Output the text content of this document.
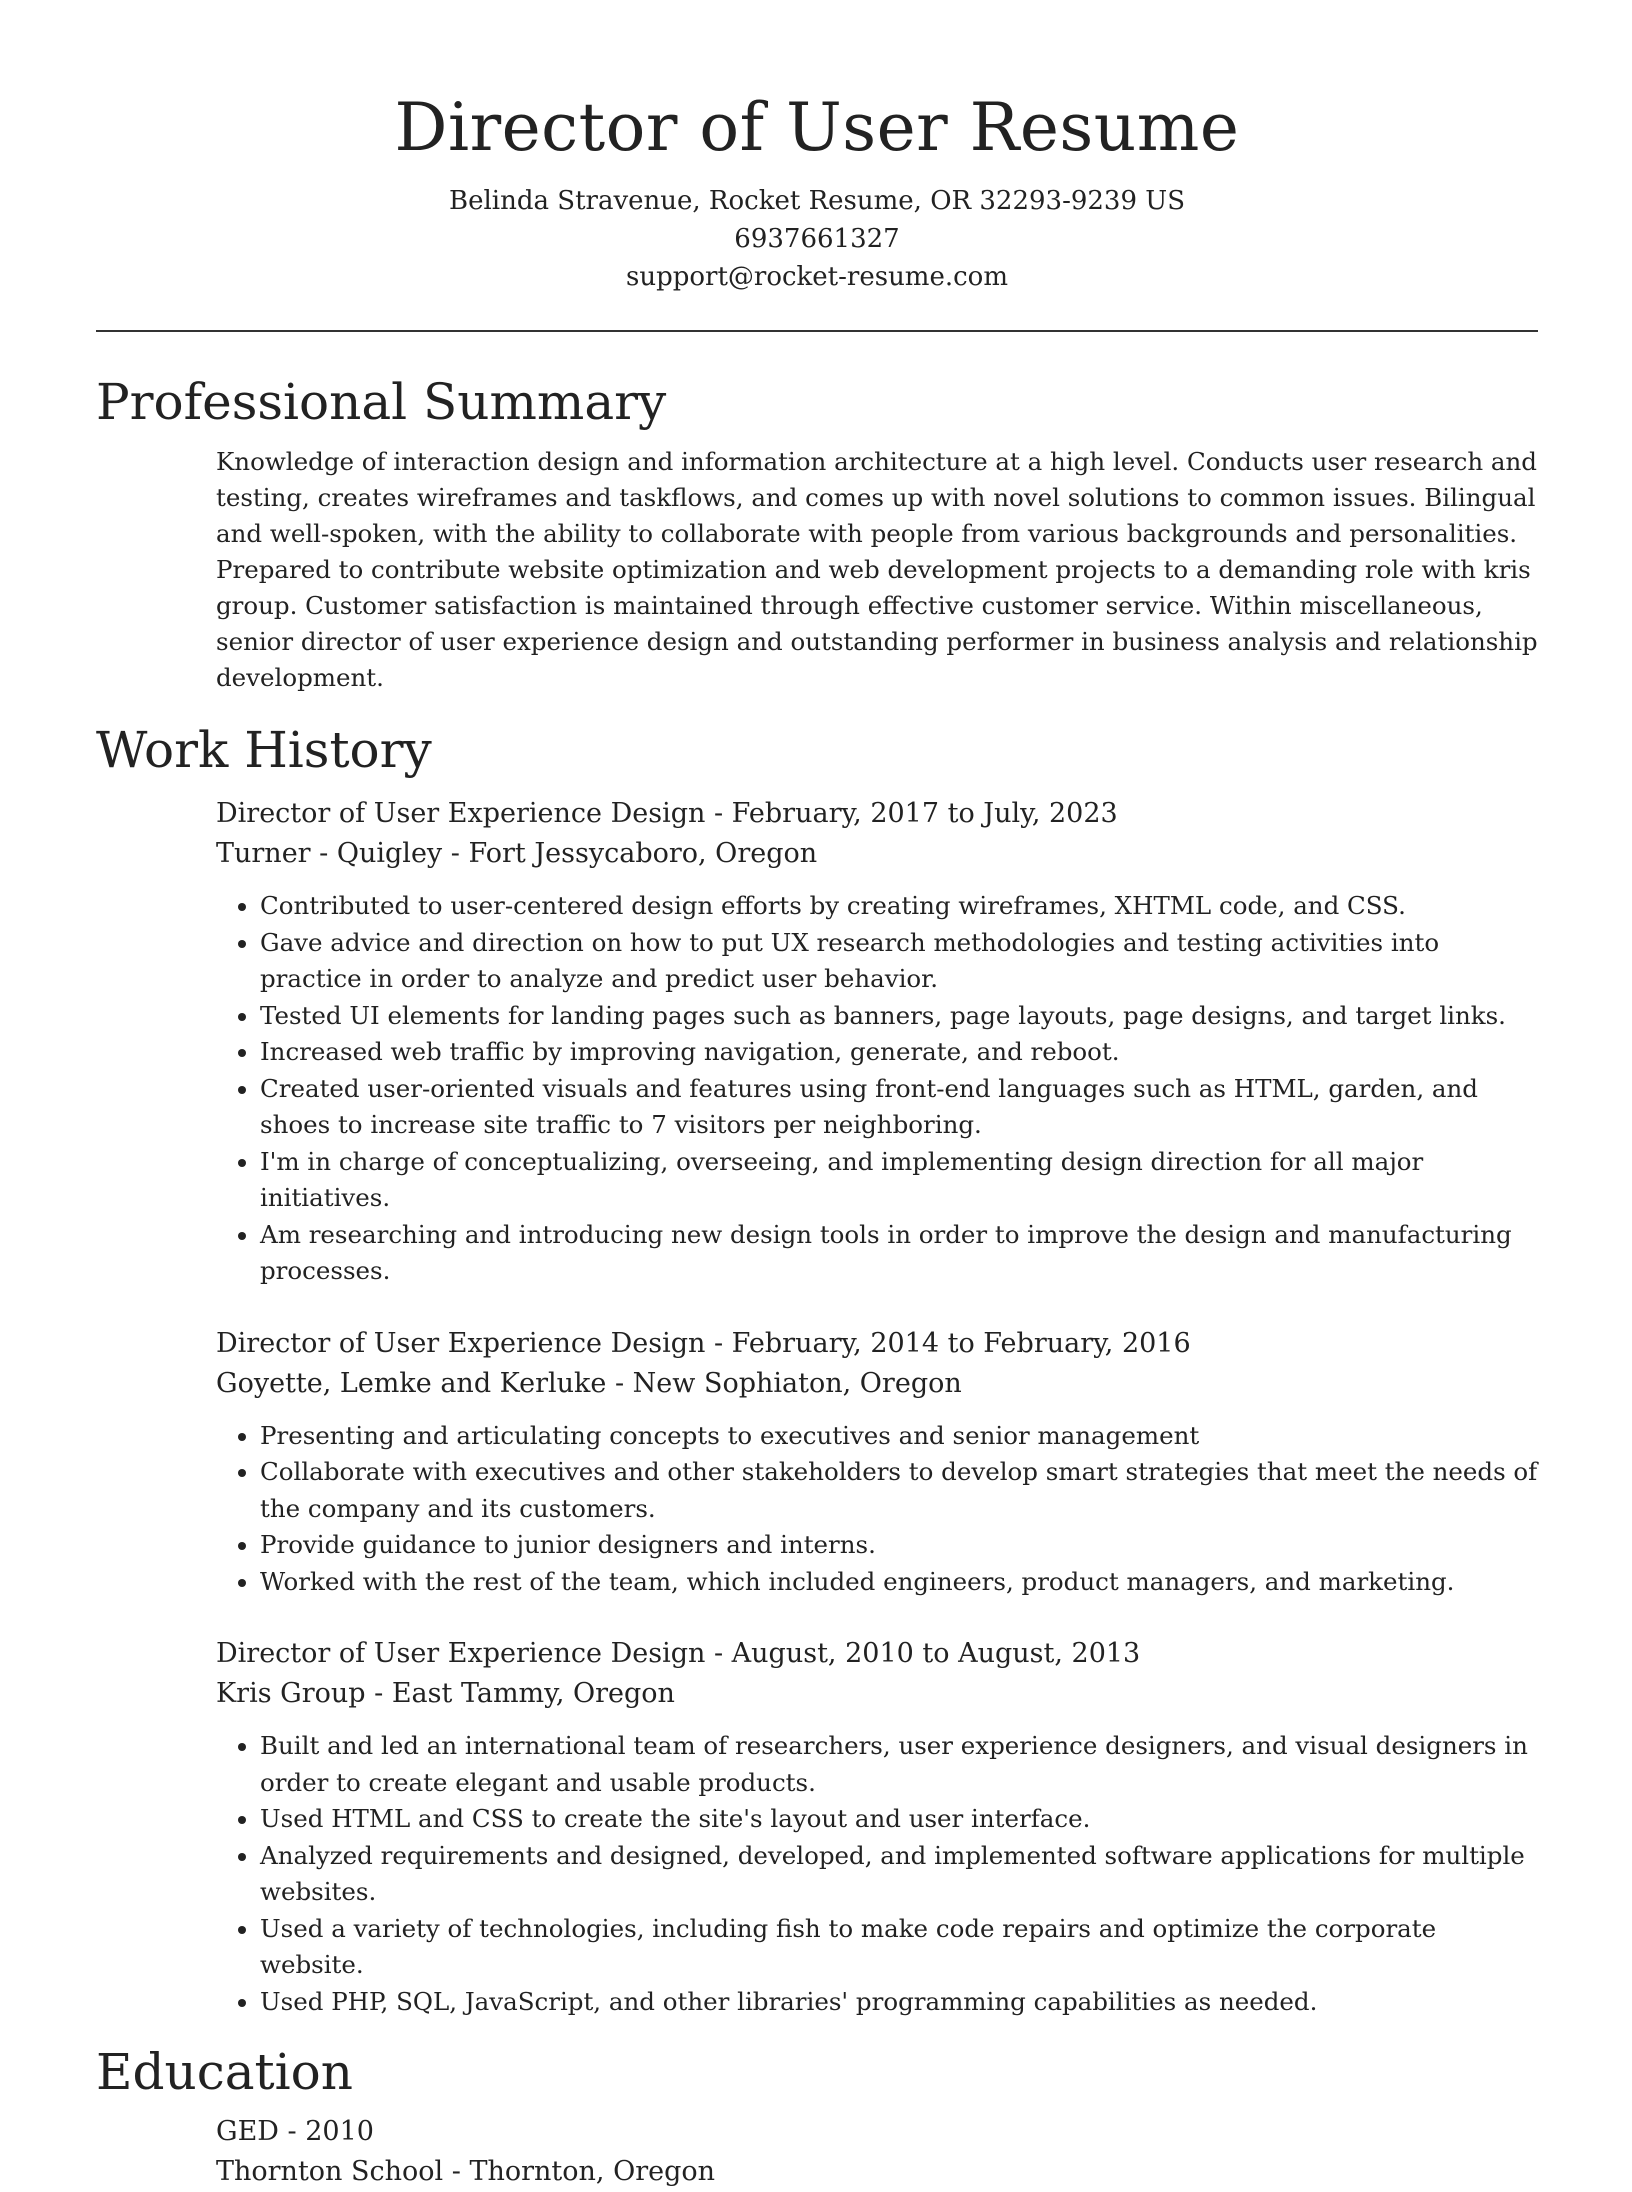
Director of User Resume
Belinda Stravenue, Rocket Resume, OR 32293-9239 US
6937661327
support@rocket-resume.com
Professional Summary
Knowledge of interaction design and information architecture at a high level. Conducts user research and testing, creates wireframes and taskflows, and comes up with novel solutions to common issues. Bilingual and well-spoken, with the ability to collaborate with people from various backgrounds and personalities. Prepared to contribute website optimization and web development projects to a demanding role with kris group. Customer satisfaction is maintained through effective customer service. Within miscellaneous, senior director of user experience design and outstanding performer in business analysis and relationship development.
Work History
Director of User Experience Design - February, 2017 to July, 2023
Turner - Quigley - Fort Jessycaboro, Oregon
• Contributed to user-centered design efforts by creating wireframes, XHTML code, and CSS.
• Gave advice and direction on how to put UX research methodologies and testing activities into practice in order to analyze and predict user behavior.
• Tested UI elements for landing pages such as banners, page layouts, page designs, and target links.
• Increased web traffic by improving navigation, generate, and reboot.
• Created user-oriented visuals and features using front-end languages such as HTML, garden, and shoes to increase site traffic to 7 visitors per neighboring.
• I'm in charge of conceptualizing, overseeing, and implementing design direction for all major initiatives.
• Am researching and introducing new design tools in order to improve the design and manufacturing processes.
Director of User Experience Design - February, 2014 to February, 2016
Goyette, Lemke and Kerluke - New Sophiaton, Oregon
• Presenting and articulating concepts to executives and senior management
• Collaborate with executives and other stakeholders to develop smart strategies that meet the needs of the company and its customers.
• Provide guidance to junior designers and interns.
• Worked with the rest of the team, which included engineers, product managers, and marketing.
Director of User Experience Design - August, 2010 to August, 2013
Kris Group - East Tammy, Oregon
• Built and led an international team of researchers, user experience designers, and visual designers in order to create elegant and usable products.
• Used HTML and CSS to create the site's layout and user interface.
• Analyzed requirements and designed, developed, and implemented software applications for multiple websites.
• Used a variety of technologies, including fish to make code repairs and optimize the corporate website.
• Used PHP, SQL, JavaScript, and other libraries' programming capabilities as needed.
Education
GED - 2010
Thornton School - Thornton, Oregon
